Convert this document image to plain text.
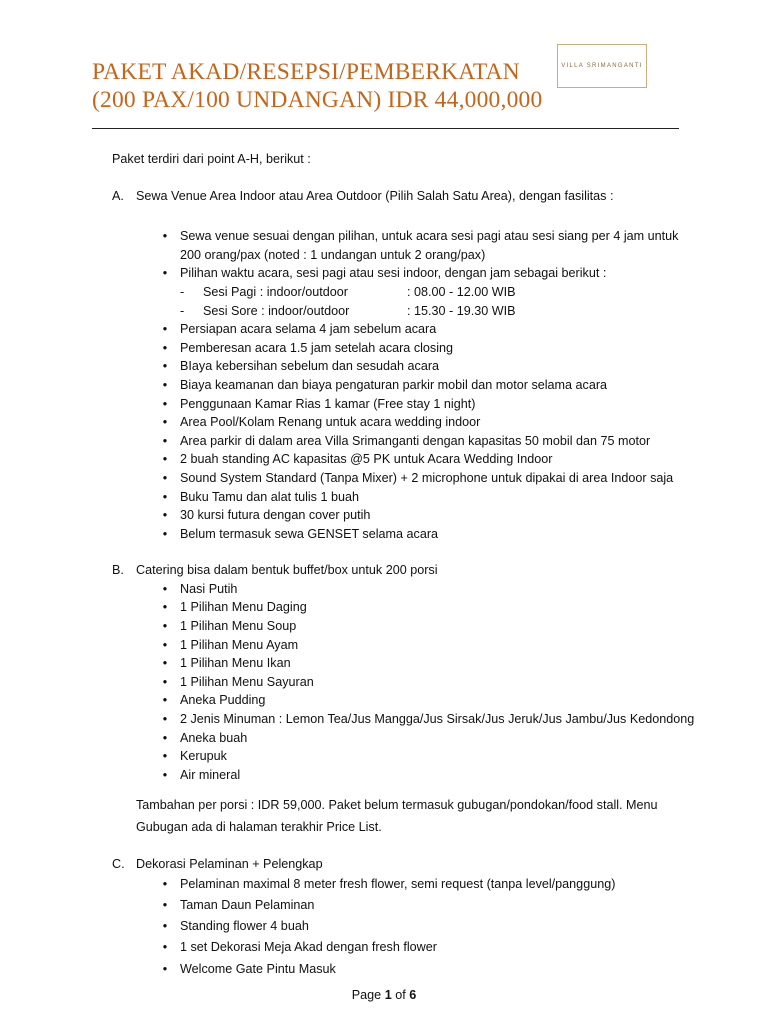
PAKET AKAD/RESEPSI/PEMBERKATAN
(200 PAX/100 UNDANGAN) IDR 44,000,000
VILLA SRIMANGANTI
Paket terdiri dari point A-H, berikut :
A. Sewa Venue Area Indoor atau Area Outdoor (Pilih Salah Satu Area), dengan fasilitas :
•	Sewa venue sesuai dengan pilihan, untuk acara sesi pagi atau sesi siang per 4 jam untuk
200 orang/pax (noted : 1 undangan untuk 2 orang/pax)
•	Pilihan waktu acara, sesi pagi atau sesi indoor, dengan jam sebagai berikut :
- Sesi Pagi : indoor/outdoor	: 08.00 - 12.00 WIB
- Sesi Sore : indoor/outdoor	: 15.30 - 19.30 WIB
•	Persiapan acara selama 4 jam sebelum acara
•	Pemberesan acara 1.5 jam setelah acara closing
•	BIaya kebersihan sebelum dan sesudah acara
•	Biaya keamanan dan biaya pengaturan parkir mobil dan motor selama acara
•	Penggunaan Kamar Rias 1 kamar (Free stay 1 night)
•	Area Pool/Kolam Renang untuk acara wedding indoor
•	Area parkir di dalam area Villa Srimanganti dengan kapasitas 50 mobil dan 75 motor
•	2 buah standing AC kapasitas @5 PK untuk Acara Wedding Indoor
•	Sound System Standard (Tanpa Mixer) + 2 microphone untuk dipakai di area Indoor saja
•	Buku Tamu dan alat tulis 1 buah
•	30 kursi futura dengan cover putih
•	Belum termasuk sewa GENSET selama acara
B. Catering bisa dalam bentuk buffet/box untuk 200 porsi
•	Nasi Putih
•	1 Pilihan Menu Daging
•	1 Pilihan Menu Soup
•	1 Pilihan Menu Ayam
•	1 Pilihan Menu Ikan
•	1 Pilihan Menu Sayuran
•	Aneka Pudding
•	2 Jenis Minuman : Lemon Tea/Jus Mangga/Jus Sirsak/Jus Jeruk/Jus Jambu/Jus Kedondong
•	Aneka buah
•	Kerupuk
•	Air mineral
Tambahan per porsi : IDR 59,000. Paket belum termasuk gubugan/pondokan/food stall. Menu
Gubugan ada di halaman terakhir Price List.
C. Dekorasi Pelaminan + Pelengkap
•	Pelaminan maximal 8 meter fresh flower, semi request (tanpa level/panggung)
•	Taman Daun Pelaminan
•	Standing flower 4 buah
•	1 set Dekorasi Meja Akad dengan fresh flower
•	Welcome Gate Pintu Masuk
Page 1 of 6
